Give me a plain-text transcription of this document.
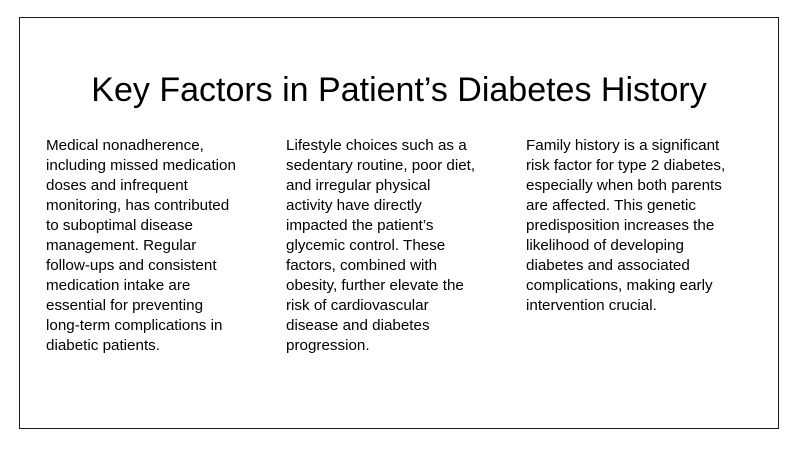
Key Factors in Patient’s Diabetes History
Medical nonadherence,
including missed medication
doses and infrequent
monitoring, has contributed
to suboptimal disease
management. Regular
follow-ups and consistent
medication intake are
essential for preventing
long-term complications in
diabetic patients.
Lifestyle choices such as a
sedentary routine, poor diet,
and irregular physical
activity have directly
impacted the patient’s
glycemic control. These
factors, combined with
obesity, further elevate the
risk of cardiovascular
disease and diabetes
progression.
Family history is a significant
risk factor for type 2 diabetes,
especially when both parents
are affected. This genetic
predisposition increases the
likelihood of developing
diabetes and associated
complications, making early
intervention crucial.
